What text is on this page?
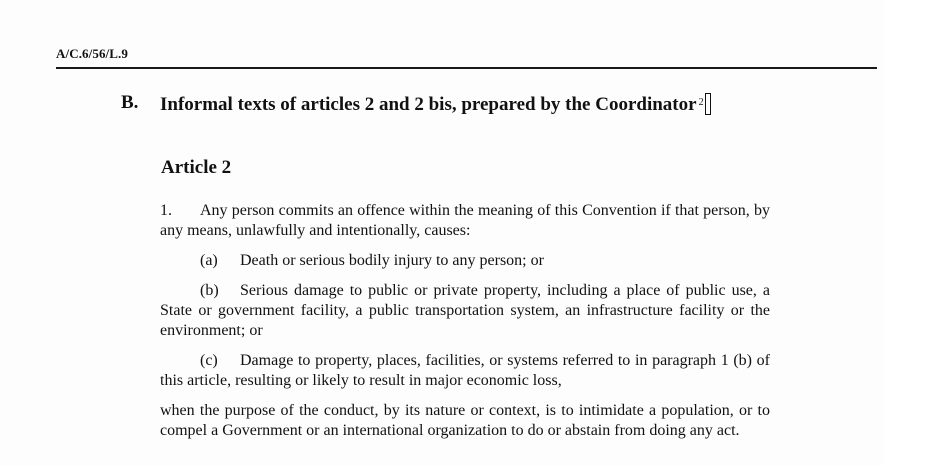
A/C.6/56/L.9
B. Informal texts of articles 2 and 2 bis, prepared by the Coordinator $^2$
Article 2

1. Any person commits an offence within the meaning of this Convention if that person, by any means, unlawfully and intentionally, causes:

(a) Death or serious bodily injury to any person; or

(b) Serious damage to public or private property, including a place of public use, a State or government facility, a public transportation system, an infrastructure facility or the environment; or

(c) Damage to property, places, facilities, or systems referred to in paragraph 1 (b) of this article, resulting or likely to result in major economic loss,

when the purpose of the conduct, by its nature or context, is to intimidate a population, or to compel a Government or an international organization to do or abstain from doing any act.
